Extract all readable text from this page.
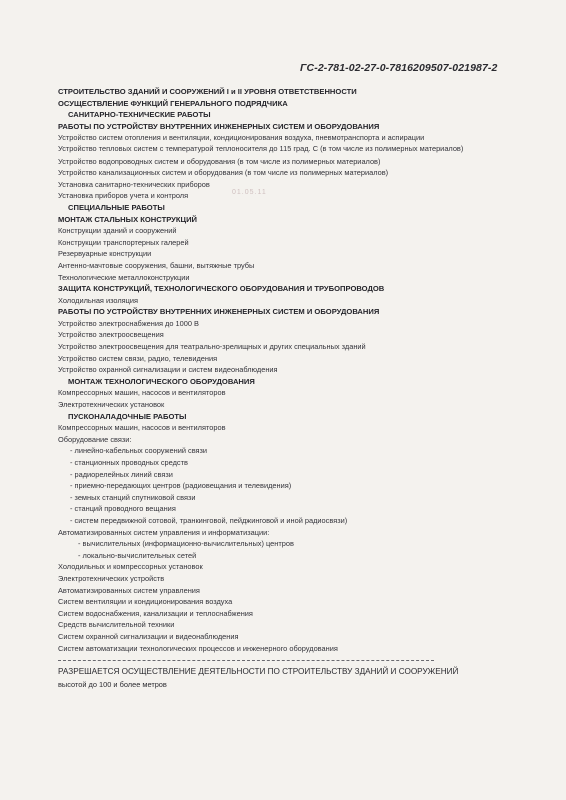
ГС-2-781-02-27-0-7816209507-021987-2
01.05.11
СТРОИТЕЛЬСТВО ЗДАНИЙ И СООРУЖЕНИЙ I и II УРОВНЯ ОТВЕТСТВЕННОСТИ
ОСУЩЕСТВЛЕНИЕ ФУНКЦИЙ ГЕНЕРАЛЬНОГО ПОДРЯДЧИКА
САНИТАРНО-ТЕХНИЧЕСКИЕ РАБОТЫ
РАБОТЫ ПО УСТРОЙСТВУ ВНУТРЕННИХ ИНЖЕНЕРНЫХ СИСТЕМ И ОБОРУДОВАНИЯ
Устройство систем отопления и вентиляции, кондиционирования воздуха, пневмотранспорта и аспирации
Устройство тепловых систем с температурой теплоносителя до 115 град. С (в том числе из полимерных материалов)
Устройство водопроводных систем и оборудования (в том числе из полимерных материалов)
Устройство канализационных систем и оборудования (в том числе из полимерных материалов)
Установка санитарно-технических приборов
Установка приборов учета и контроля
СПЕЦИАЛЬНЫЕ РАБОТЫ
МОНТАЖ СТАЛЬНЫХ КОНСТРУКЦИЙ
Конструкции зданий и сооружений
Конструкции транспортерных галерей
Резервуарные конструкции
Антенно-мачтовые сооружения, башни, вытяжные трубы
Технологические металлоконструкции
ЗАЩИТА КОНСТРУКЦИЙ, ТЕХНОЛОГИЧЕСКОГО ОБОРУДОВАНИЯ И ТРУБОПРОВОДОВ
Холодильная изоляция
РАБОТЫ ПО УСТРОЙСТВУ ВНУТРЕННИХ ИНЖЕНЕРНЫХ СИСТЕМ И ОБОРУДОВАНИЯ
Устройство электроснабжения до 1000 В
Устройство электроосвещения
Устройство электроосвещения для театрально-зрелищных и других специальных зданий
Устройство систем связи, радио, телевидения
Устройство охранной сигнализации и систем видеонаблюдения
МОНТАЖ ТЕХНОЛОГИЧЕСКОГО ОБОРУДОВАНИЯ
Компрессорных машин, насосов и вентиляторов
Электротехнических установок
ПУСКОНАЛАДОЧНЫЕ РАБОТЫ
Компрессорных машин, насосов и вентиляторов
Оборудование связи:
- линейно-кабельных сооружений связи
- станционных проводных средств
- радиорелейных линий связи
- приемно-передающих центров (радиовещания и телевидения)
- земных станций спутниковой связи
- станций проводного вещания
- систем передвижной сотовой, транкинговой, пейджинговой и иной радиосвязи)
Автоматизированных систем управления и информатизации:
- вычислительных (информационно-вычислительных) центров
- локально-вычислительных сетей
Холодильных и компрессорных установок
Электротехнических устройств
Автоматизированных систем управления
Систем вентиляции и кондиционирования воздуха
Систем водоснабжения, канализации и теплоснабжения
Средств вычислительной техники
Систем охранной сигнализации и видеонаблюдения
Систем автоматизации технологических процессов и инженерного оборудования
РАЗРЕШАЕТСЯ ОСУЩЕСТВЛЕНИЕ ДЕЯТЕЛЬНОСТИ ПО СТРОИТЕЛЬСТВУ ЗДАНИЙ И СООРУЖЕНИЙ
высотой до 100 и более метров
